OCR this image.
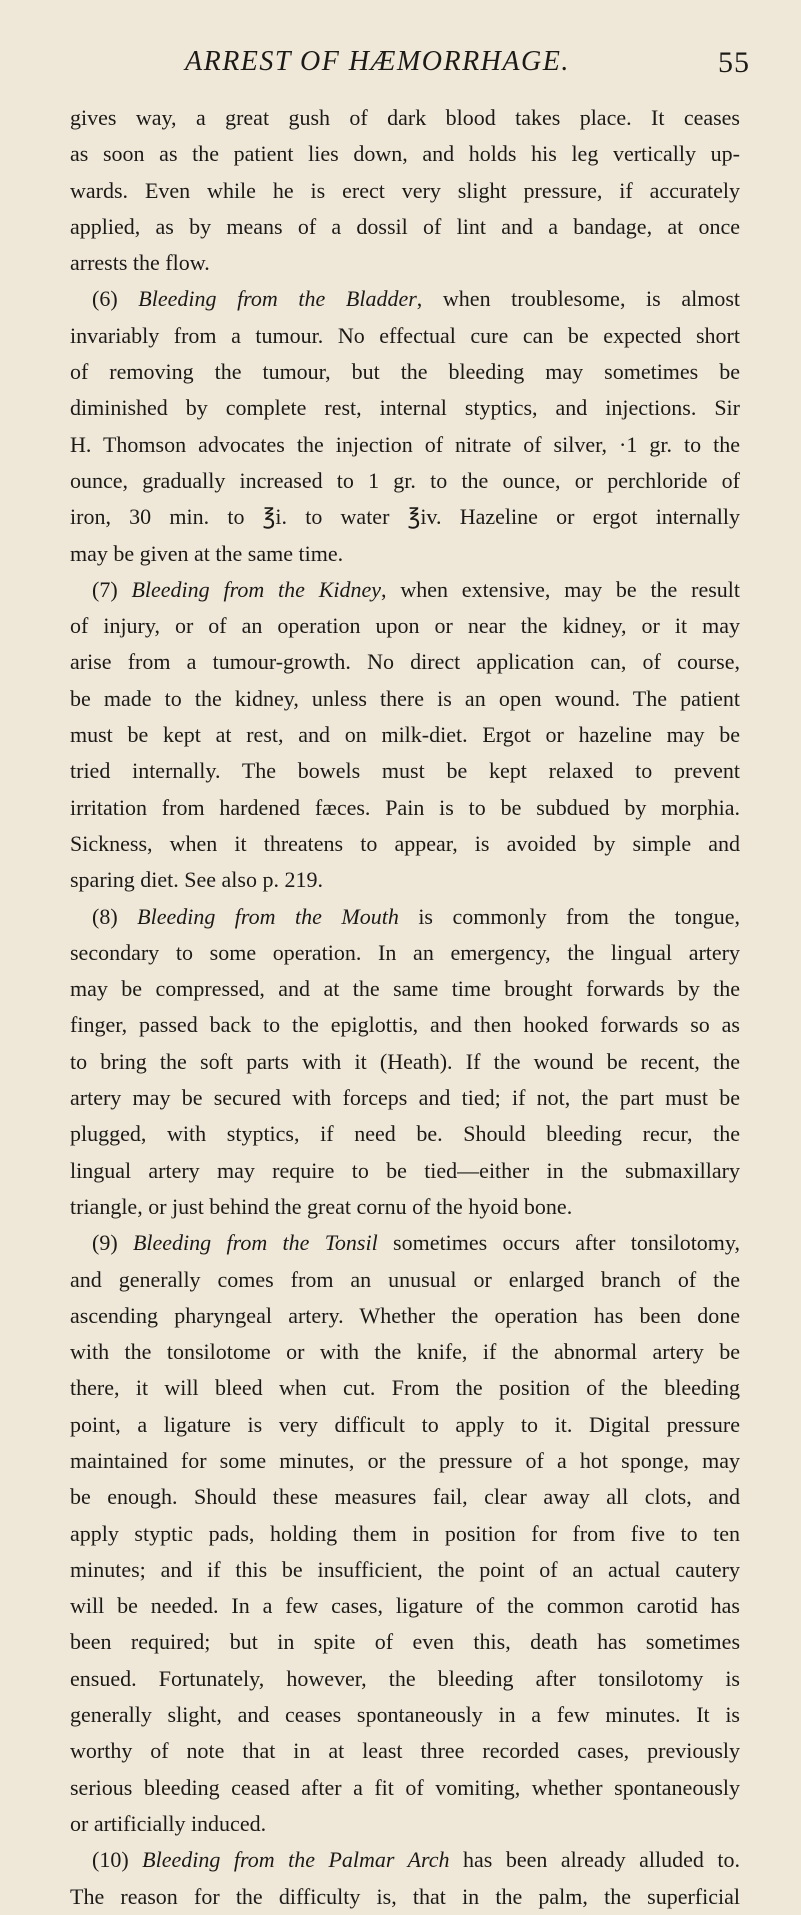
ARREST OF HÆMORRHAGE.	55
gives way, a great gush of dark blood takes place. It ceases
as soon as the patient lies down, and holds his leg vertically up-
wards. Even while he is erect very slight pressure, if accurately
applied, as by means of a dossil of lint and a bandage, at once
arrests the flow.
(6) Bleeding from the Bladder, when troublesome, is almost
invariably from a tumour. No effectual cure can be expected short
of removing the tumour, but the bleeding may sometimes be
diminished by complete rest, internal styptics, and injections. Sir
H. Thomson advocates the injection of nitrate of silver, ·1 gr. to the
ounce, gradually increased to 1 gr. to the ounce, or perchloride of
iron, 30 min. to ℥i. to water ℥iv. Hazeline or ergot internally
may be given at the same time.
(7) Bleeding from the Kidney, when extensive, may be the result
of injury, or of an operation upon or near the kidney, or it may
arise from a tumour-growth. No direct application can, of course,
be made to the kidney, unless there is an open wound. The patient
must be kept at rest, and on milk-diet. Ergot or hazeline may be
tried internally. The bowels must be kept relaxed to prevent
irritation from hardened fæces. Pain is to be subdued by morphia.
Sickness, when it threatens to appear, is avoided by simple and
sparing diet. See also p. 219.
(8) Bleeding from the Mouth is commonly from the tongue,
secondary to some operation. In an emergency, the lingual artery
may be compressed, and at the same time brought forwards by the
finger, passed back to the epiglottis, and then hooked forwards so as
to bring the soft parts with it (Heath). If the wound be recent, the
artery may be secured with forceps and tied; if not, the part must be
plugged, with styptics, if need be. Should bleeding recur, the
lingual artery may require to be tied—either in the submaxillary
triangle, or just behind the great cornu of the hyoid bone.
(9) Bleeding from the Tonsil sometimes occurs after tonsilotomy,
and generally comes from an unusual or enlarged branch of the
ascending pharyngeal artery. Whether the operation has been done
with the tonsilotome or with the knife, if the abnormal artery be
there, it will bleed when cut. From the position of the bleeding
point, a ligature is very difficult to apply to it. Digital pressure
maintained for some minutes, or the pressure of a hot sponge, may
be enough. Should these measures fail, clear away all clots, and
apply styptic pads, holding them in position for from five to ten
minutes; and if this be insufficient, the point of an actual cautery
will be needed. In a few cases, ligature of the common carotid has
been required; but in spite of even this, death has sometimes
ensued. Fortunately, however, the bleeding after tonsilotomy is
generally slight, and ceases spontaneously in a few minutes. It is
worthy of note that in at least three recorded cases, previously
serious bleeding ceased after a fit of vomiting, whether spontaneously
or artificially induced.
(10) Bleeding from the Palmar Arch has been already alluded to.
The reason for the difficulty is, that in the palm, the superficial
